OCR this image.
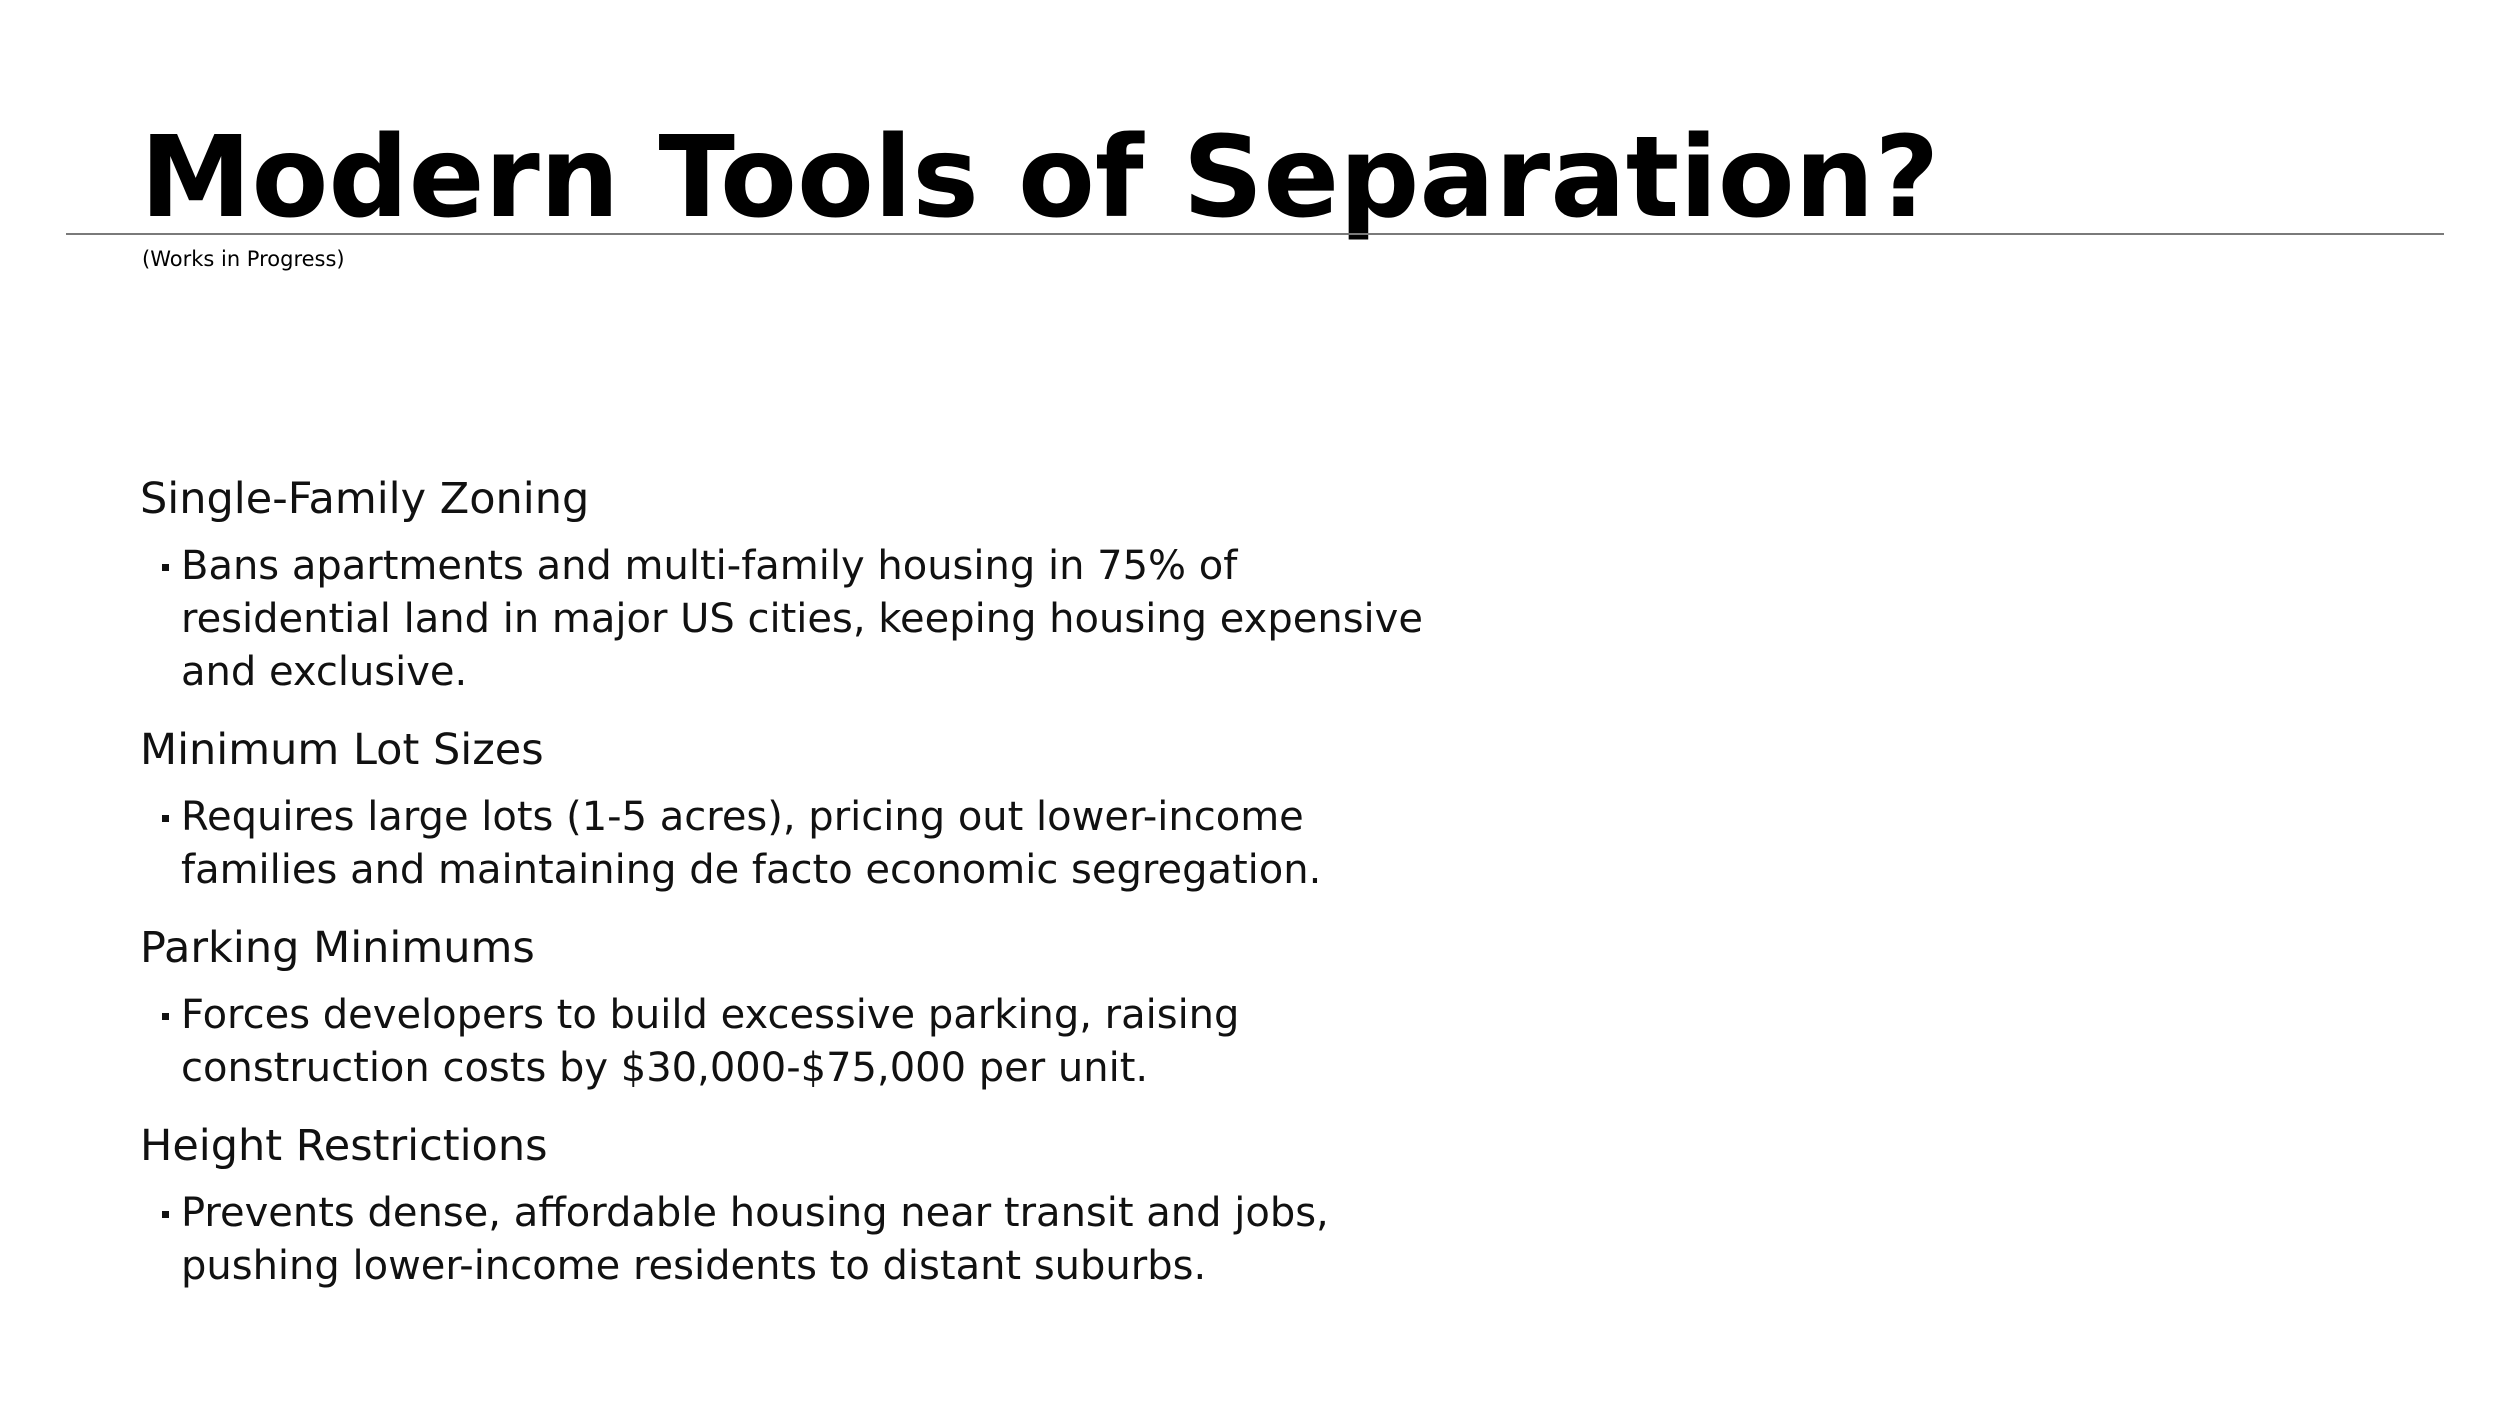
Modern Tools of Separation?
(Works in Progress)
Single-Family Zoning
Bans apartments and multi-family housing in 75% of residential land in major US cities, keeping housing expensive and exclusive.
Minimum Lot Sizes
Requires large lots (1-5 acres), pricing out lower-income families and maintaining de facto economic segregation.
Parking Minimums
Forces developers to build excessive parking, raising construction costs by $30,000-$75,000 per unit.
Height Restrictions
Prevents dense, affordable housing near transit and jobs, pushing lower-income residents to distant suburbs.
